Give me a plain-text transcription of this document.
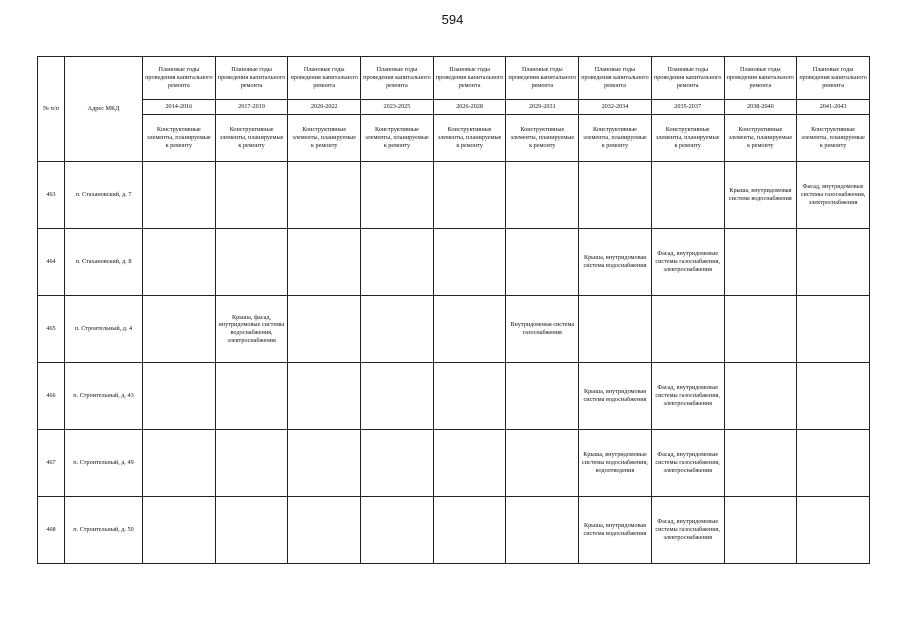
594
№ п/п	Адрес МКД	Плановые годы проведения капитального ремонта	Плановые годы проведения капитального ремонта	Плановые годы проведения капитального ремонта	Плановые годы проведения капитального ремонта	Плановые годы проведения капитального ремонта	Плановые годы проведения капитального ремонта	Плановые годы проведения капитального ремонта	Плановые годы проведения капитального ремонта	Плановые годы проведения капитального ремонта	Плановые годы проведения капитального ремонта
		2014-2016	2017-2019	2020-2022	2023-2025	2026-2028	2029-2031	2032-2034	2035-2037	2038-2040	2041-2043
		Конструктивные элементы, планируемые к ремонту	Конструктивные элементы, планируемые к ремонту	Конструктивные элементы, планируемые к ремонту	Конструктивные элементы, планируемые к ремонту	Конструктивные элементы, планируемые к ремонту	Конструктивные элементы, планируемые к ремонту	Конструктивные элементы, планируемые к ремонту	Конструктивные элементы, планируемые к ремонту	Конструктивные элементы, планируемые к ремонту	Конструктивные элементы, планируемые к ремонту
463	п. Стахановский, д. 7									Крыша, внутридомовая система водоснабжения	Фасад, внутридомовые системы газоснабжения, электроснабжения
464	п. Стахановский, д. 8							Крыша, внутридомовая система водоснабжения	Фасад, внутридомовые системы газоснабжения, электроснабжения		
465	п. Строительный, д. 4		Крыша, фасад, внутридомовые системы водоснабжения, электроснабжения				Внутридомовая система газоснабжения				
466	п. Строительный, д. 43							Крыша, внутридомовая система водоснабжения	Фасад, внутридомовые системы газоснабжения, электроснабжения		
467	п. Строительный, д. 49							Крыша, внутридомовые системы водоснабжения, водоотведения	Фасад, внутридомовые системы газоснабжения, электроснабжения		
468	п. Строительный, д. 50							Крыша, внутридомовая система водоснабжения	Фасад, внутридомовые системы газоснабжения, электроснабжения		
